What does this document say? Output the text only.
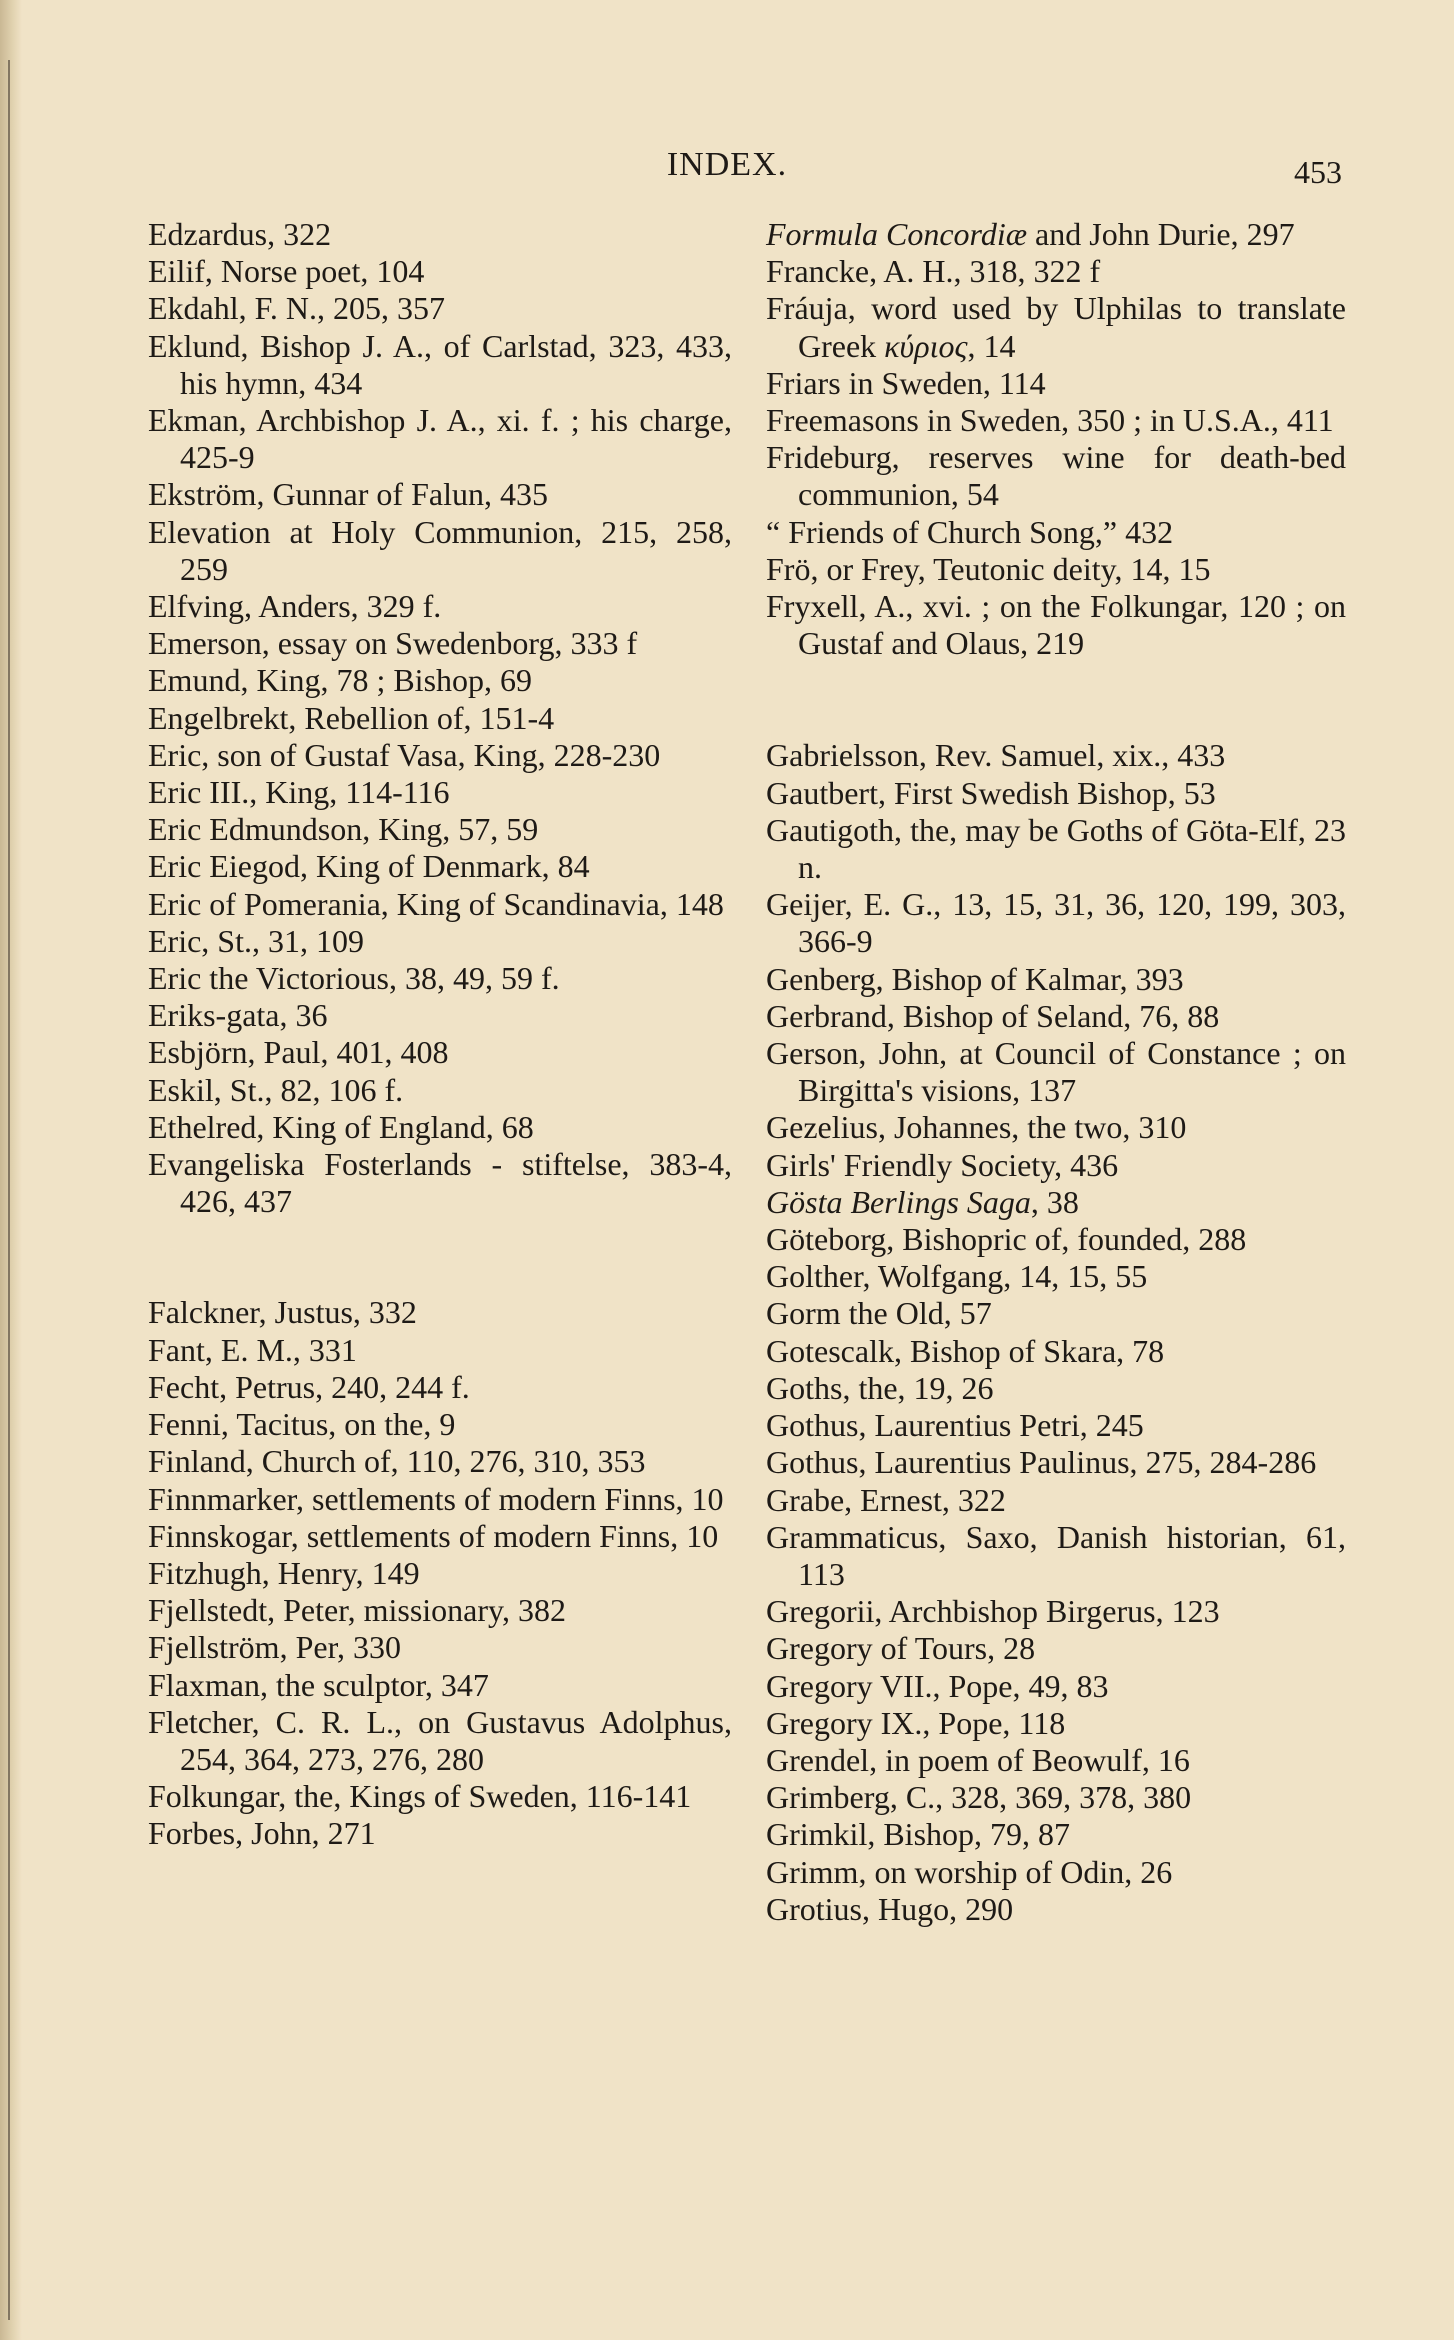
INDEX.	453
Edzardus, 322
Eilif, Norse poet, 104
Ekdahl, F. N., 205, 357
Eklund, Bishop J. A., of Carlstad, 323, 433, his hymn, 434
Ekman, Archbishop J. A., xi. f. ; his charge, 425-9
Ekström, Gunnar of Falun, 435
Elevation at Holy Communion, 215, 258, 259
Elfving, Anders, 329 f.
Emerson, essay on Swedenborg, 333 f
Emund, King, 78 ; Bishop, 69
Engelbrekt, Rebellion of, 151-4
Eric, son of Gustaf Vasa, King, 228-230
Eric III., King, 114-116
Eric Edmundson, King, 57, 59
Eric Eiegod, King of Denmark, 84
Eric of Pomerania, King of Scandinavia, 148
Eric, St., 31, 109
Eric the Victorious, 38, 49, 59 f.
Eriks-gata, 36
Esbjörn, Paul, 401, 408
Eskil, St., 82, 106 f.
Ethelred, King of England, 68
Evangeliska Fosterlands - stiftelse, 383-4, 426, 437
Falckner, Justus, 332
Fant, E. M., 331
Fecht, Petrus, 240, 244 f.
Fenni, Tacitus, on the, 9
Finland, Church of, 110, 276, 310, 353
Finnmarker, settlements of modern Finns, 10
Finnskogar, settlements of modern Finns, 10
Fitzhugh, Henry, 149
Fjellstedt, Peter, missionary, 382
Fjellström, Per, 330
Flaxman, the sculptor, 347
Fletcher, C. R. L., on Gustavus Adolphus, 254, 364, 273, 276, 280
Folkungar, the, Kings of Sweden, 116-141
Forbes, John, 271
Formula Concordiæ and John Durie, 297
Francke, A. H., 318, 322 f
Fráuja, word used by Ulphilas to translate Greek κύριος, 14
Friars in Sweden, 114
Freemasons in Sweden, 350 ; in U.S.A., 411
Frideburg, reserves wine for death-bed communion, 54
“ Friends of Church Song,” 432
Frö, or Frey, Teutonic deity, 14, 15
Fryxell, A., xvi. ; on the Folkungar, 120 ; on Gustaf and Olaus, 219
Gabrielsson, Rev. Samuel, xix., 433
Gautbert, First Swedish Bishop, 53
Gautigoth, the, may be Goths of Göta-Elf, 23 n.
Geijer, E. G., 13, 15, 31, 36, 120, 199, 303, 366-9
Genberg, Bishop of Kalmar, 393
Gerbrand, Bishop of Seland, 76, 88
Gerson, John, at Council of Constance ; on Birgitta's visions, 137
Gezelius, Johannes, the two, 310
Girls' Friendly Society, 436
Gösta Berlings Saga, 38
Göteborg, Bishopric of, founded, 288
Golther, Wolfgang, 14, 15, 55
Gorm the Old, 57
Gotescalk, Bishop of Skara, 78
Goths, the, 19, 26
Gothus, Laurentius Petri, 245
Gothus, Laurentius Paulinus, 275, 284-286
Grabe, Ernest, 322
Grammaticus, Saxo, Danish historian, 61, 113
Gregorii, Archbishop Birgerus, 123
Gregory of Tours, 28
Gregory VII., Pope, 49, 83
Gregory IX., Pope, 118
Grendel, in poem of Beowulf, 16
Grimberg, C., 328, 369, 378, 380
Grimkil, Bishop, 79, 87
Grimm, on worship of Odin, 26
Grotius, Hugo, 290
